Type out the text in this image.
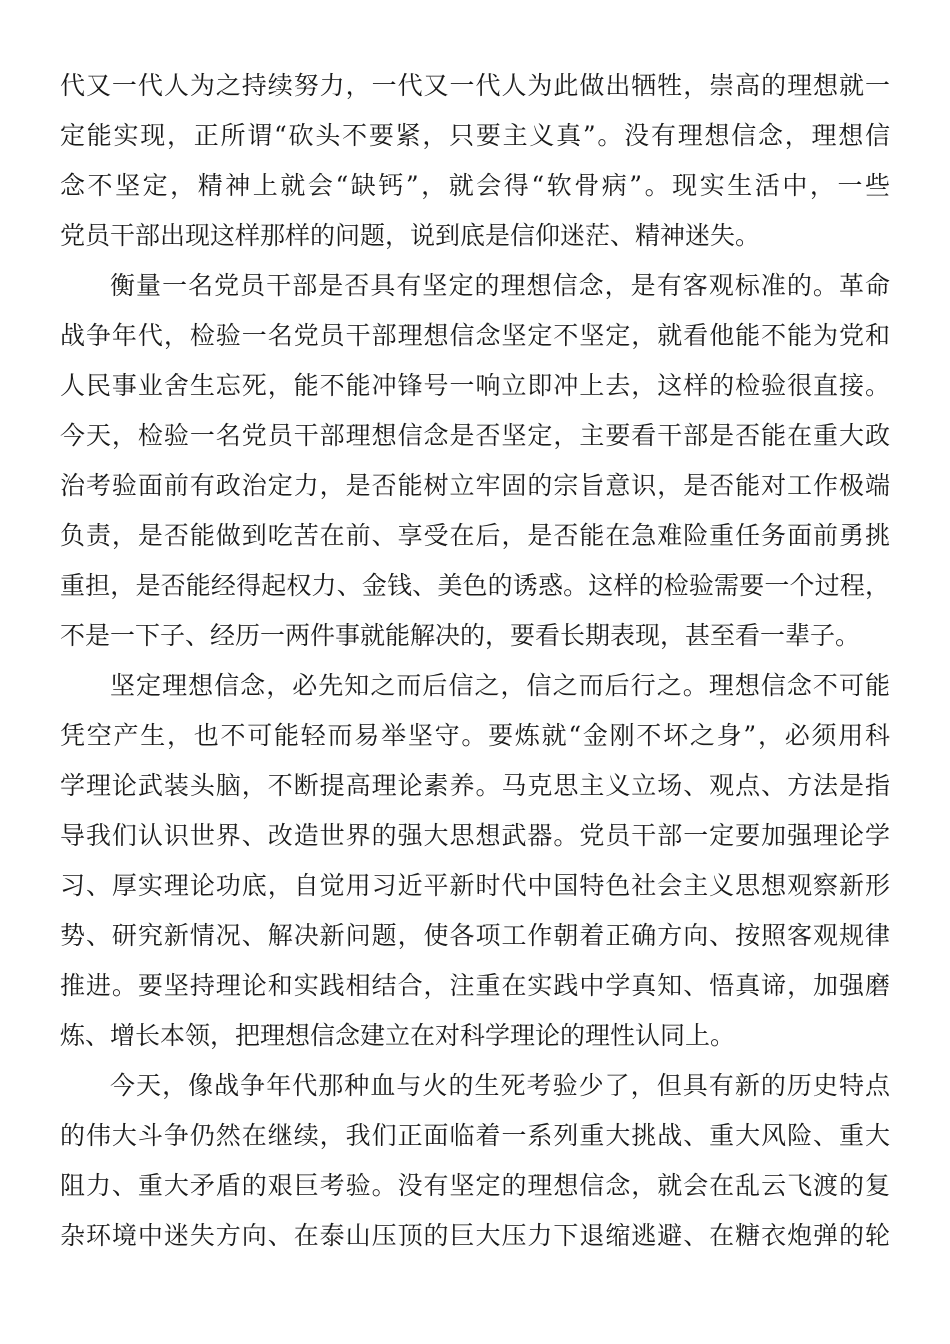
代又一代人为之持续努力，一代又一代人为此做出牺牲，崇高的理想就一
定能实现，正所谓“砍头不要紧，只要主义真”。没有理想信念，理想信
念不坚定，精神上就会“缺钙”，就会得“软骨病”。现实生活中，一些
党员干部出现这样那样的问题，说到底是信仰迷茫、精神迷失。
衡量一名党员干部是否具有坚定的理想信念，是有客观标准的。革命
战争年代，检验一名党员干部理想信念坚定不坚定，就看他能不能为党和
人民事业舍生忘死，能不能冲锋号一响立即冲上去，这样的检验很直接。
今天，检验一名党员干部理想信念是否坚定，主要看干部是否能在重大政
治考验面前有政治定力，是否能树立牢固的宗旨意识，是否能对工作极端
负责，是否能做到吃苦在前、享受在后，是否能在急难险重任务面前勇挑
重担，是否能经得起权力、金钱、美色的诱惑。这样的检验需要一个过程，
不是一下子、经历一两件事就能解决的，要看长期表现，甚至看一辈子。
坚定理想信念，必先知之而后信之，信之而后行之。理想信念不可能
凭空产生，也不可能轻而易举坚守。要炼就“金刚不坏之身”，必须用科
学理论武装头脑，不断提高理论素养。马克思主义立场、观点、方法是指
导我们认识世界、改造世界的强大思想武器。党员干部一定要加强理论学
习、厚实理论功底，自觉用习近平新时代中国特色社会主义思想观察新形
势、研究新情况、解决新问题，使各项工作朝着正确方向、按照客观规律
推进。要坚持理论和实践相结合，注重在实践中学真知、悟真谛，加强磨
炼、增长本领，把理想信念建立在对科学理论的理性认同上。
今天，像战争年代那种血与火的生死考验少了，但具有新的历史特点
的伟大斗争仍然在继续，我们正面临着一系列重大挑战、重大风险、重大
阻力、重大矛盾的艰巨考验。没有坚定的理想信念，就会在乱云飞渡的复
杂环境中迷失方向、在泰山压顶的巨大压力下退缩逃避、在糖衣炮弹的轮
